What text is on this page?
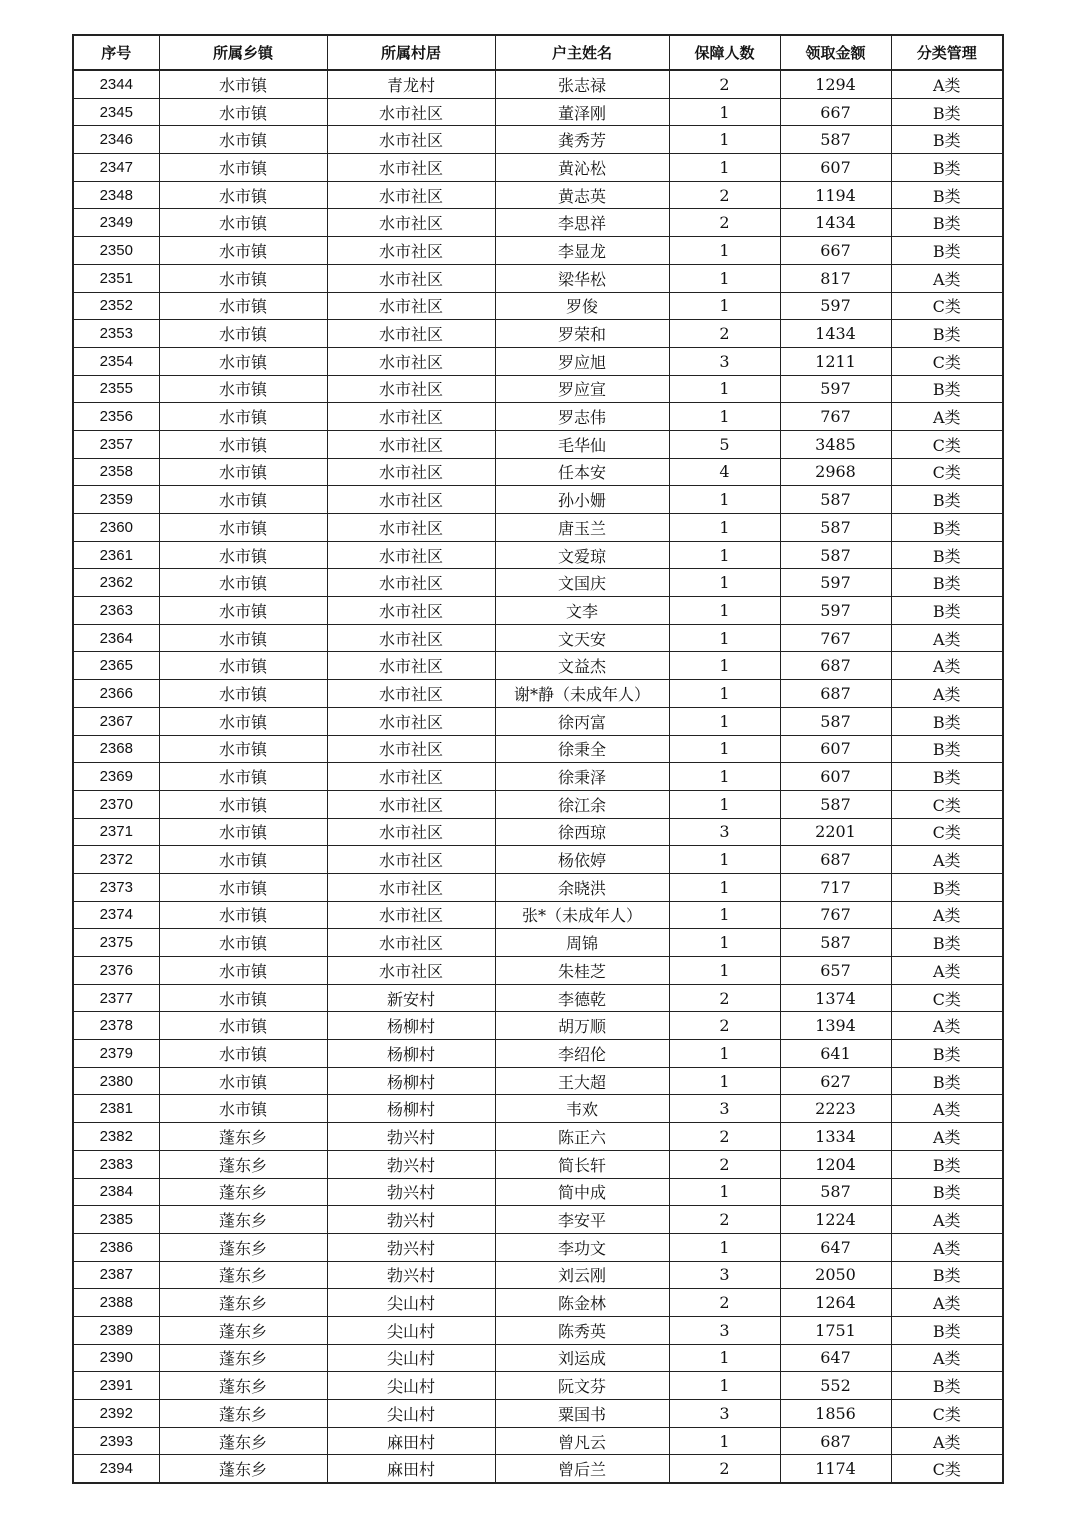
序号	所属乡镇	所属村居	户主姓名	保障人数	领取金额	分类管理
2344	水市镇	青龙村	张志禄	2	1294	A类
2345	水市镇	水市社区	董泽刚	1	667	B类
2346	水市镇	水市社区	龚秀芳	1	587	B类
2347	水市镇	水市社区	黄沁松	1	607	B类
2348	水市镇	水市社区	黄志英	2	1194	B类
2349	水市镇	水市社区	李思祥	2	1434	B类
2350	水市镇	水市社区	李显龙	1	667	B类
2351	水市镇	水市社区	梁华松	1	817	A类
2352	水市镇	水市社区	罗俊	1	597	C类
2353	水市镇	水市社区	罗荣和	2	1434	B类
2354	水市镇	水市社区	罗应旭	3	1211	C类
2355	水市镇	水市社区	罗应宣	1	597	B类
2356	水市镇	水市社区	罗志伟	1	767	A类
2357	水市镇	水市社区	毛华仙	5	3485	C类
2358	水市镇	水市社区	任本安	4	2968	C类
2359	水市镇	水市社区	孙小姗	1	587	B类
2360	水市镇	水市社区	唐玉兰	1	587	B类
2361	水市镇	水市社区	文爱琼	1	587	B类
2362	水市镇	水市社区	文国庆	1	597	B类
2363	水市镇	水市社区	文李	1	597	B类
2364	水市镇	水市社区	文天安	1	767	A类
2365	水市镇	水市社区	文益杰	1	687	A类
2366	水市镇	水市社区	谢*静（未成年人）	1	687	A类
2367	水市镇	水市社区	徐丙富	1	587	B类
2368	水市镇	水市社区	徐秉全	1	607	B类
2369	水市镇	水市社区	徐秉泽	1	607	B类
2370	水市镇	水市社区	徐江余	1	587	C类
2371	水市镇	水市社区	徐西琼	3	2201	C类
2372	水市镇	水市社区	杨依婷	1	687	A类
2373	水市镇	水市社区	余晓洪	1	717	B类
2374	水市镇	水市社区	张*（未成年人）	1	767	A类
2375	水市镇	水市社区	周锦	1	587	B类
2376	水市镇	水市社区	朱桂芝	1	657	A类
2377	水市镇	新安村	李德乾	2	1374	C类
2378	水市镇	杨柳村	胡万顺	2	1394	A类
2379	水市镇	杨柳村	李绍伦	1	641	B类
2380	水市镇	杨柳村	王大超	1	627	B类
2381	水市镇	杨柳村	韦欢	3	2223	A类
2382	蓬东乡	勃兴村	陈正六	2	1334	A类
2383	蓬东乡	勃兴村	简长轩	2	1204	B类
2384	蓬东乡	勃兴村	简中成	1	587	B类
2385	蓬东乡	勃兴村	李安平	2	1224	A类
2386	蓬东乡	勃兴村	李功文	1	647	A类
2387	蓬东乡	勃兴村	刘云刚	3	2050	B类
2388	蓬东乡	尖山村	陈金林	2	1264	A类
2389	蓬东乡	尖山村	陈秀英	3	1751	B类
2390	蓬东乡	尖山村	刘运成	1	647	A类
2391	蓬东乡	尖山村	阮文芬	1	552	B类
2392	蓬东乡	尖山村	粟国书	3	1856	C类
2393	蓬东乡	麻田村	曾凡云	1	687	A类
2394	蓬东乡	麻田村	曾后兰	2	1174	C类
